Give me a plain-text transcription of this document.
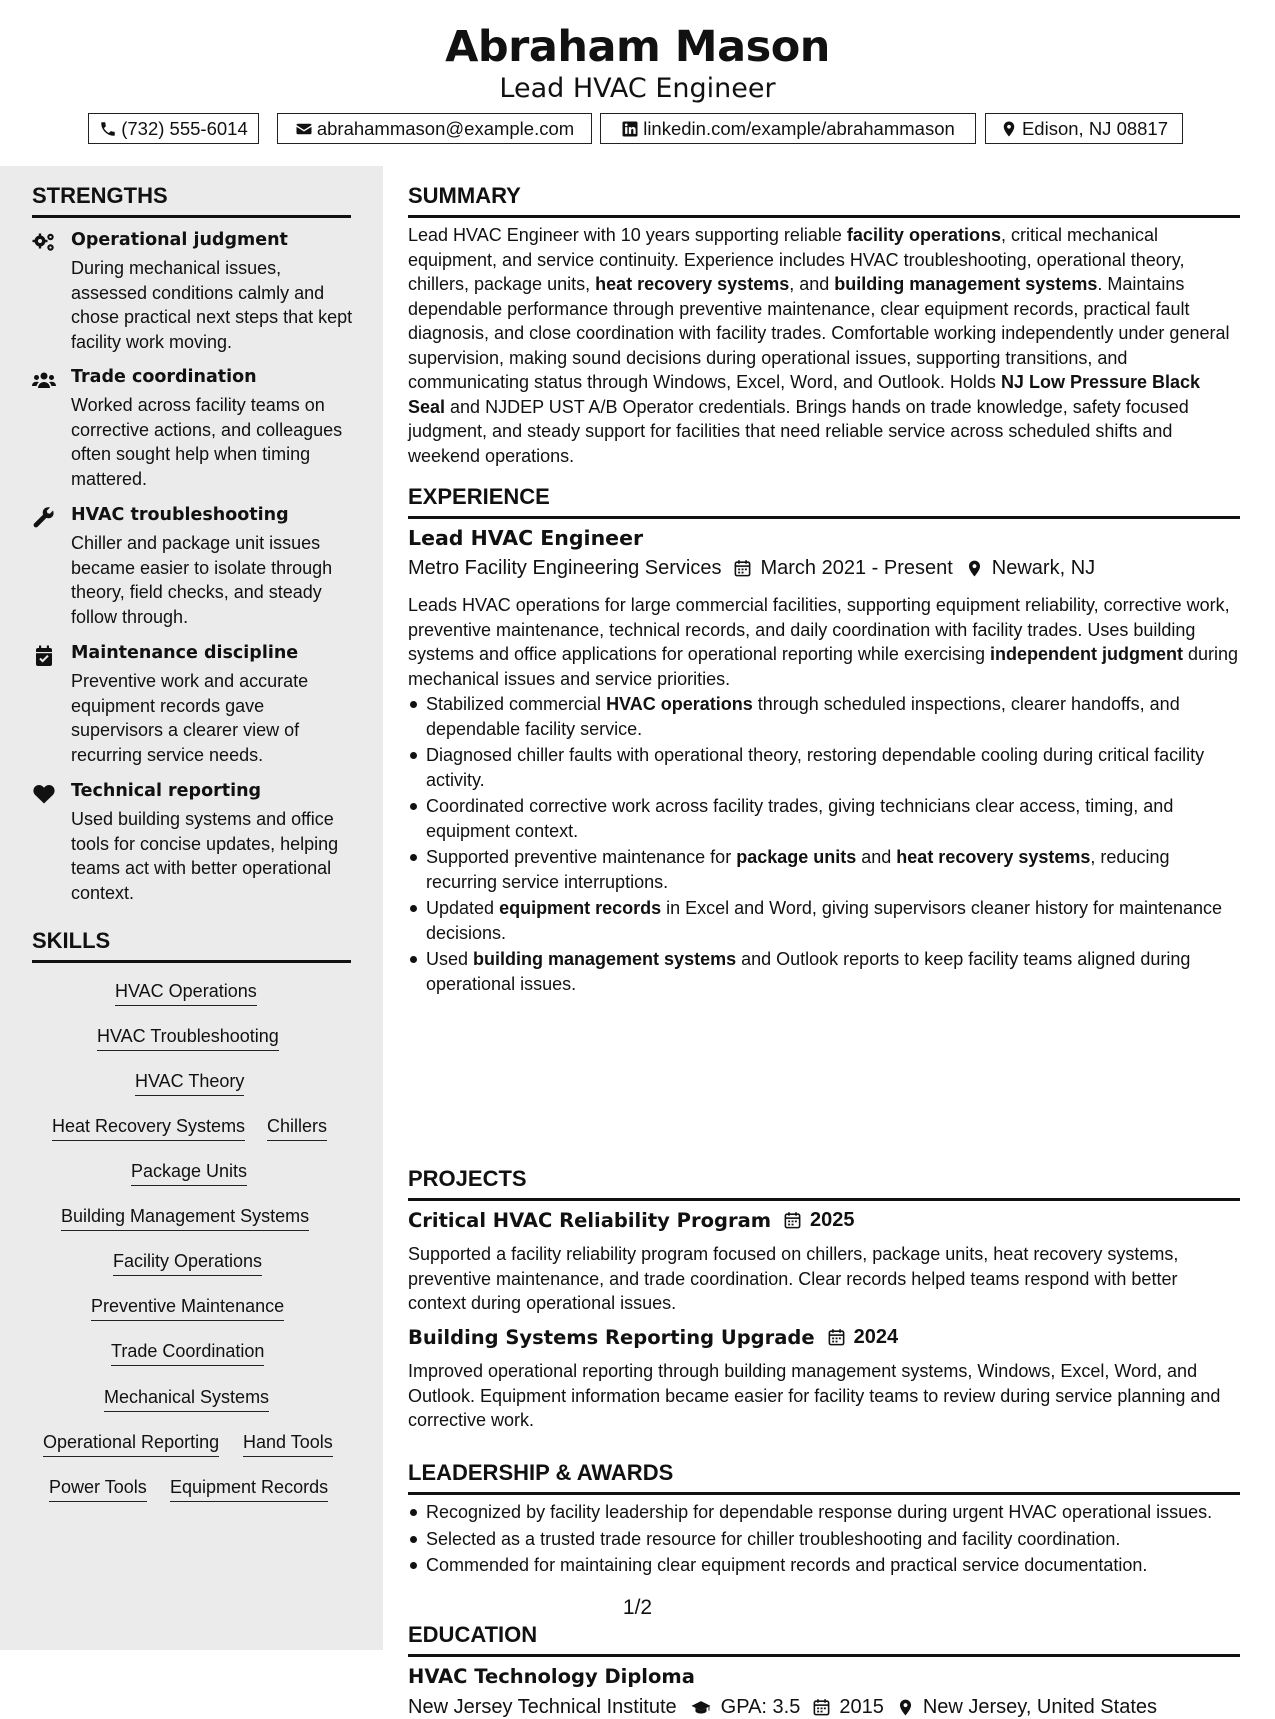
Abraham Mason
Lead HVAC Engineer
(732) 555-6014	abrahammason@example.com	linkedin.com/example/abrahammason	Edison, NJ 08817
STRENGTHS
Operational judgment
During mechanical issues, assessed conditions calmly and chose practical next steps that kept facility work moving.
Trade coordination
Worked across facility teams on corrective actions, and colleagues often sought help when timing mattered.
HVAC troubleshooting
Chiller and package unit issues became easier to isolate through theory, field checks, and steady follow through.
Maintenance discipline
Preventive work and accurate equipment records gave supervisors a clearer view of recurring service needs.
Technical reporting
Used building systems and office tools for concise updates, helping teams act with better operational context.
SKILLS
HVAC Operations
HVAC Troubleshooting
HVAC Theory
Heat Recovery Systems Chillers
Package Units
Building Management Systems
Facility Operations
Preventive Maintenance
Trade Coordination
Mechanical Systems
Operational Reporting Hand Tools
Power Tools Equipment Records
SUMMARY
Lead HVAC Engineer with 10 years supporting reliable facility operations, critical mechanical equipment, and service continuity. Experience includes HVAC troubleshooting, operational theory, chillers, package units, heat recovery systems, and building management systems. Maintains dependable performance through preventive maintenance, clear equipment records, practical fault diagnosis, and close coordination with facility trades. Comfortable working independently under general supervision, making sound decisions during operational issues, supporting transitions, and communicating status through Windows, Excel, Word, and Outlook. Holds NJ Low Pressure Black Seal and NJDEP UST A/B Operator credentials. Brings hands on trade knowledge, safety focused judgment, and steady support for facilities that need reliable service across scheduled shifts and weekend operations.
EXPERIENCE
Lead HVAC Engineer
Metro Facility Engineering Services March 2021 - Present Newark, NJ
Leads HVAC operations for large commercial facilities, supporting equipment reliability, corrective work, preventive maintenance, technical records, and daily coordination with facility trades. Uses building systems and office applications for operational reporting while exercising independent judgment during mechanical issues and service priorities.
Stabilized commercial HVAC operations through scheduled inspections, clearer handoffs, and dependable facility service.
Diagnosed chiller faults with operational theory, restoring dependable cooling during critical facility activity.
Coordinated corrective work across facility trades, giving technicians clear access, timing, and equipment context.
Supported preventive maintenance for package units and heat recovery systems, reducing recurring service interruptions.
Updated equipment records in Excel and Word, giving supervisors cleaner history for maintenance decisions.
Used building management systems and Outlook reports to keep facility teams aligned during operational issues.
PROJECTS
Critical HVAC Reliability Program 2025
Supported a facility reliability program focused on chillers, package units, heat recovery systems, preventive maintenance, and trade coordination. Clear records helped teams respond with better context during operational issues.
Building Systems Reporting Upgrade 2024
Improved operational reporting through building management systems, Windows, Excel, Word, and Outlook. Equipment information became easier for facility teams to review during service planning and corrective work.
LEADERSHIP & AWARDS
Recognized by facility leadership for dependable response during urgent HVAC operational issues.
Selected as a trusted trade resource for chiller troubleshooting and facility coordination.
Commended for maintaining clear equipment records and practical service documentation.
EDUCATION
HVAC Technology Diploma
New Jersey Technical Institute GPA: 3.5 2015 New Jersey, United States
1/2
